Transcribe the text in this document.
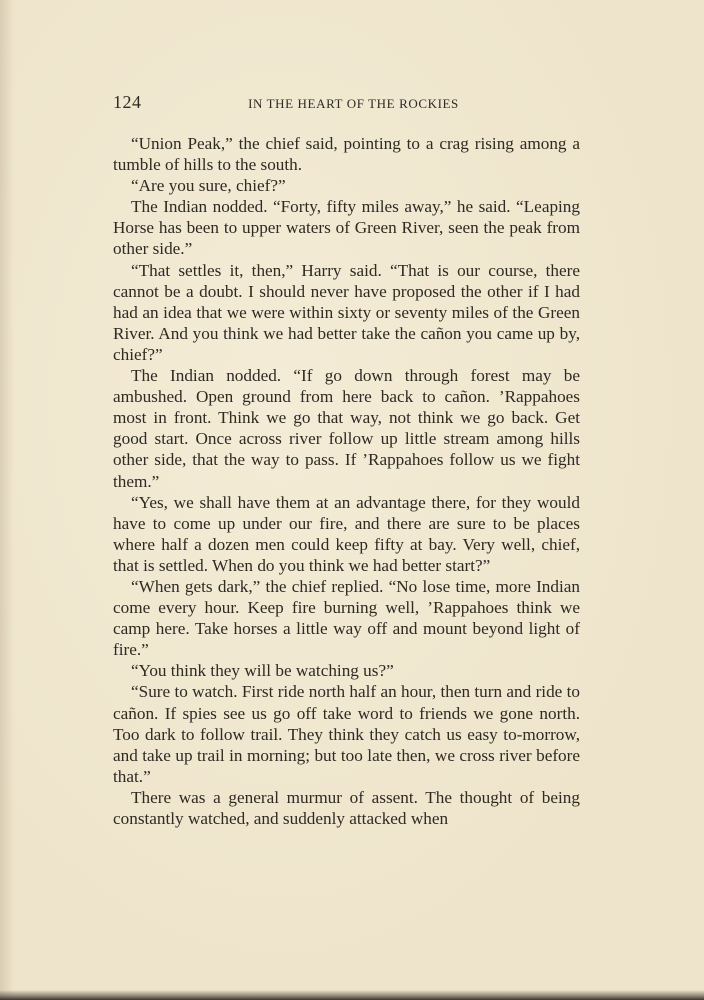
124	IN THE HEART OF THE ROCKIES

“Union Peak,” the chief said, pointing to a crag rising among a tumble of hills to the south.

“Are you sure, chief?”

The Indian nodded. “Forty, fifty miles away,” he said. “Leaping Horse has been to upper waters of Green River, seen the peak from other side.”

“That settles it, then,” Harry said. “That is our course, there cannot be a doubt. I should never have proposed the other if I had had an idea that we were within sixty or seventy miles of the Green River. And you think we had better take the cañon you came up by, chief?”

The Indian nodded. “If go down through forest may be ambushed. Open ground from here back to cañon. ’Rappahoes most in front. Think we go that way, not think we go back. Get good start. Once across river follow up little stream among hills other side, that the way to pass. If ’Rappahoes follow us we fight them.”

“Yes, we shall have them at an advantage there, for they would have to come up under our fire, and there are sure to be places where half a dozen men could keep fifty at bay. Very well, chief, that is settled. When do you think we had better start?”

“When gets dark,” the chief replied. “No lose time, more Indian come every hour. Keep fire burning well, ’Rappahoes think we camp here. Take horses a little way off and mount beyond light of fire.”

“You think they will be watching us?”

“Sure to watch. First ride north half an hour, then turn and ride to cañon. If spies see us go off take word to friends we gone north. Too dark to follow trail. They think they catch us easy to-morrow, and take up trail in morning; but too late then, we cross river before that.”

There was a general murmur of assent. The thought of being constantly watched, and suddenly attacked when
